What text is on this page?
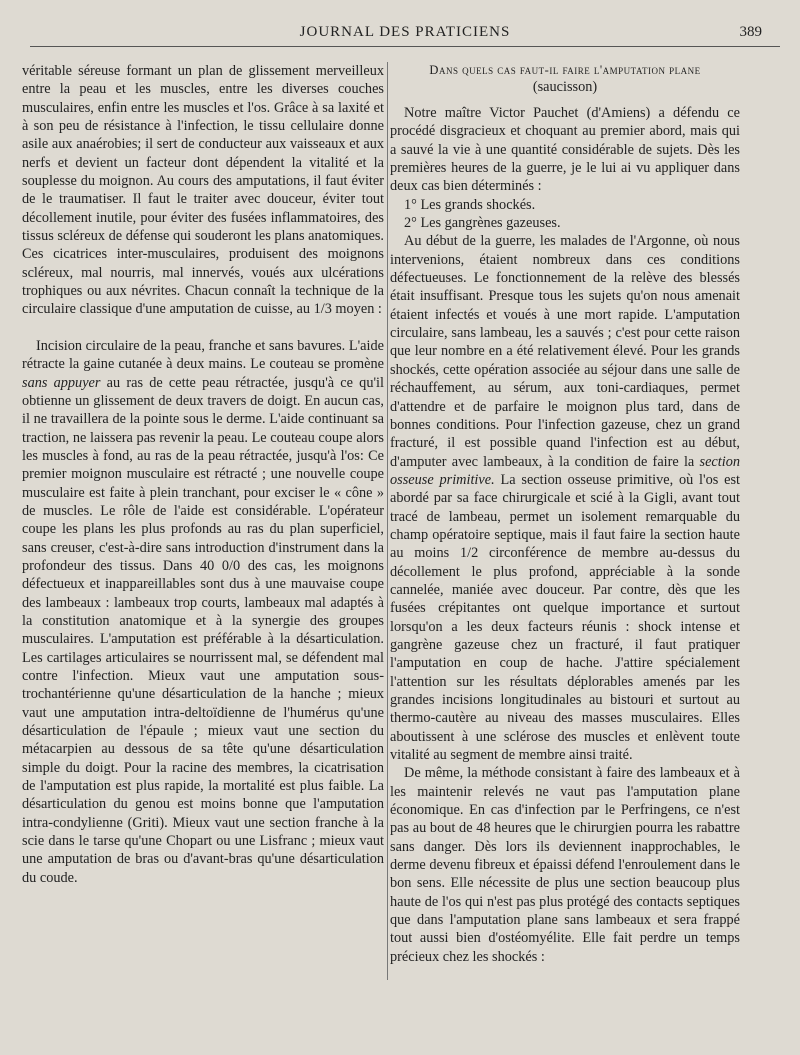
JOURNAL DES PRATICIENS	389

véritable séreuse formant un plan de glissement merveilleux entre la peau et les muscles, entre les diverses couches musculaires, enfin entre les muscles et l'os. Grâce à sa laxité et à son peu de résistance à l'infection, le tissu cellulaire donne asile aux anaérobies; il sert de conducteur aux vaisseaux et aux nerfs et devient un facteur dont dépendent la vitalité et la souplesse du moignon. Au cours des amputations, il faut éviter de le traumatiser. Il faut le traiter avec douceur, éviter tout décollement inutile, pour éviter des fusées inflammatoires, des tissus scléreux de défense qui souderont les plans anatomiques. Ces cicatrices inter-musculaires, produisent des moignons scléreux, mal nourris, mal innervés, voués aux ulcérations trophiques ou aux névrites. Chacun connaît la technique de la circulaire classique d'une amputation de cuisse, au 1/3 moyen :

Incision circulaire de la peau, franche et sans bavures. L'aide rétracte la gaine cutanée à deux mains. Le couteau se promène sans appuyer au ras de cette peau rétractée, jusqu'à ce qu'il obtienne un glissement de deux travers de doigt. En aucun cas, il ne travaillera de la pointe sous le derme. L'aide continuant sa traction, ne laissera pas revenir la peau. Le couteau coupe alors les muscles à fond, au ras de la peau rétractée, jusqu'à l'os: Ce premier moignon musculaire est rétracté ; une nouvelle coupe musculaire est faite à plein tranchant, pour exciser le « cône » de muscles. Le rôle de l'aide est considérable. L'opérateur coupe les plans les plus profonds au ras du plan superficiel, sans creuser, c'est-à-dire sans introduction d'instrument dans la profondeur des tissus. Dans 40 0/0 des cas, les moignons défectueux et inappareillables sont dus à une mauvaise coupe des lambeaux : lambeaux trop courts, lambeaux mal adaptés à la constitution anatomique et à la synergie des groupes musculaires. L'amputation est préférable à la désarticulation. Les cartilages articulaires se nourrissent mal, se défendent mal contre l'infection. Mieux vaut une amputation sous-trochantérienne qu'une désarticulation de la hanche ; mieux vaut une amputation intra-deltoïdienne de l'humérus qu'une désarticulation de l'épaule ; mieux vaut une section du métacarpien au dessous de sa tête qu'une désarticulation simple du doigt. Pour la racine des membres, la cicatrisation de l'amputation est plus rapide, la mortalité est plus faible. La désarticulation du genou est moins bonne que l'amputation intra-condylienne (Griti). Mieux vaut une section franche à la scie dans le tarse qu'une Chopart ou une Lisfranc ; mieux vaut une amputation de bras ou d'avant-bras qu'une désarticulation du coude.

Dans quels cas faut-il faire l'amputation plane
(saucisson)

Notre maître Victor Pauchet (d'Amiens) a défendu ce procédé disgracieux et choquant au premier abord, mais qui a sauvé la vie à une quantité considérable de sujets. Dès les premières heures de la guerre, je le lui ai vu appliquer dans deux cas bien déterminés :

1° Les grands shockés.

2° Les gangrènes gazeuses.

Au début de la guerre, les malades de l'Argonne, où nous intervenions, étaient nombreux dans ces conditions défectueuses. Le fonctionnement de la relève des blessés était insuffisant. Presque tous les sujets qu'on nous amenait étaient infectés et voués à une mort rapide. L'amputation circulaire, sans lambeau, les a sauvés ; c'est pour cette raison que leur nombre en a été relativement élevé. Pour les grands shockés, cette opération associée au séjour dans une salle de réchauffement, au sérum, aux toni-cardiaques, permet d'attendre et de parfaire le moignon plus tard, dans de bonnes conditions. Pour l'infection gazeuse, chez un grand fracturé, il est possible quand l'infection est au début, d'amputer avec lambeaux, à la condition de faire la section osseuse primitive. La section osseuse primitive, où l'os est abordé par sa face chirurgicale et scié à la Gigli, avant tout tracé de lambeau, permet un isolement remarquable du champ opératoire septique, mais il faut faire la section haute au moins 1/2 circonférence de membre au-dessus du décollement le plus profond, appréciable à la sonde cannelée, maniée avec douceur. Par contre, dès que les fusées crépitantes ont quelque importance et surtout lorsqu'on a les deux facteurs réunis : shock intense et gangrène gazeuse chez un fracturé, il faut pratiquer l'amputation en coup de hache. J'attire spécialement l'attention sur les résultats déplorables amenés par les grandes incisions longitudinales au bistouri et surtout au thermo-cautère au niveau des masses musculaires. Elles aboutissent à une sclérose des muscles et enlèvent toute vitalité au segment de membre ainsi traité.

De même, la méthode consistant à faire des lambeaux et à les maintenir relevés ne vaut pas l'amputation plane économique. En cas d'infection par le Perfringens, ce n'est pas au bout de 48 heures que le chirurgien pourra les rabattre sans danger. Dès lors ils deviennent inapprochables, le derme devenu fibreux et épaissi défend l'enroulement dans le bon sens. Elle nécessite de plus une section beaucoup plus haute de l'os qui n'est pas plus protégé des contacts septiques que dans l'amputation plane sans lambeaux et sera frappé tout aussi bien d'ostéomyélite. Elle fait perdre un temps précieux chez les shockés :
